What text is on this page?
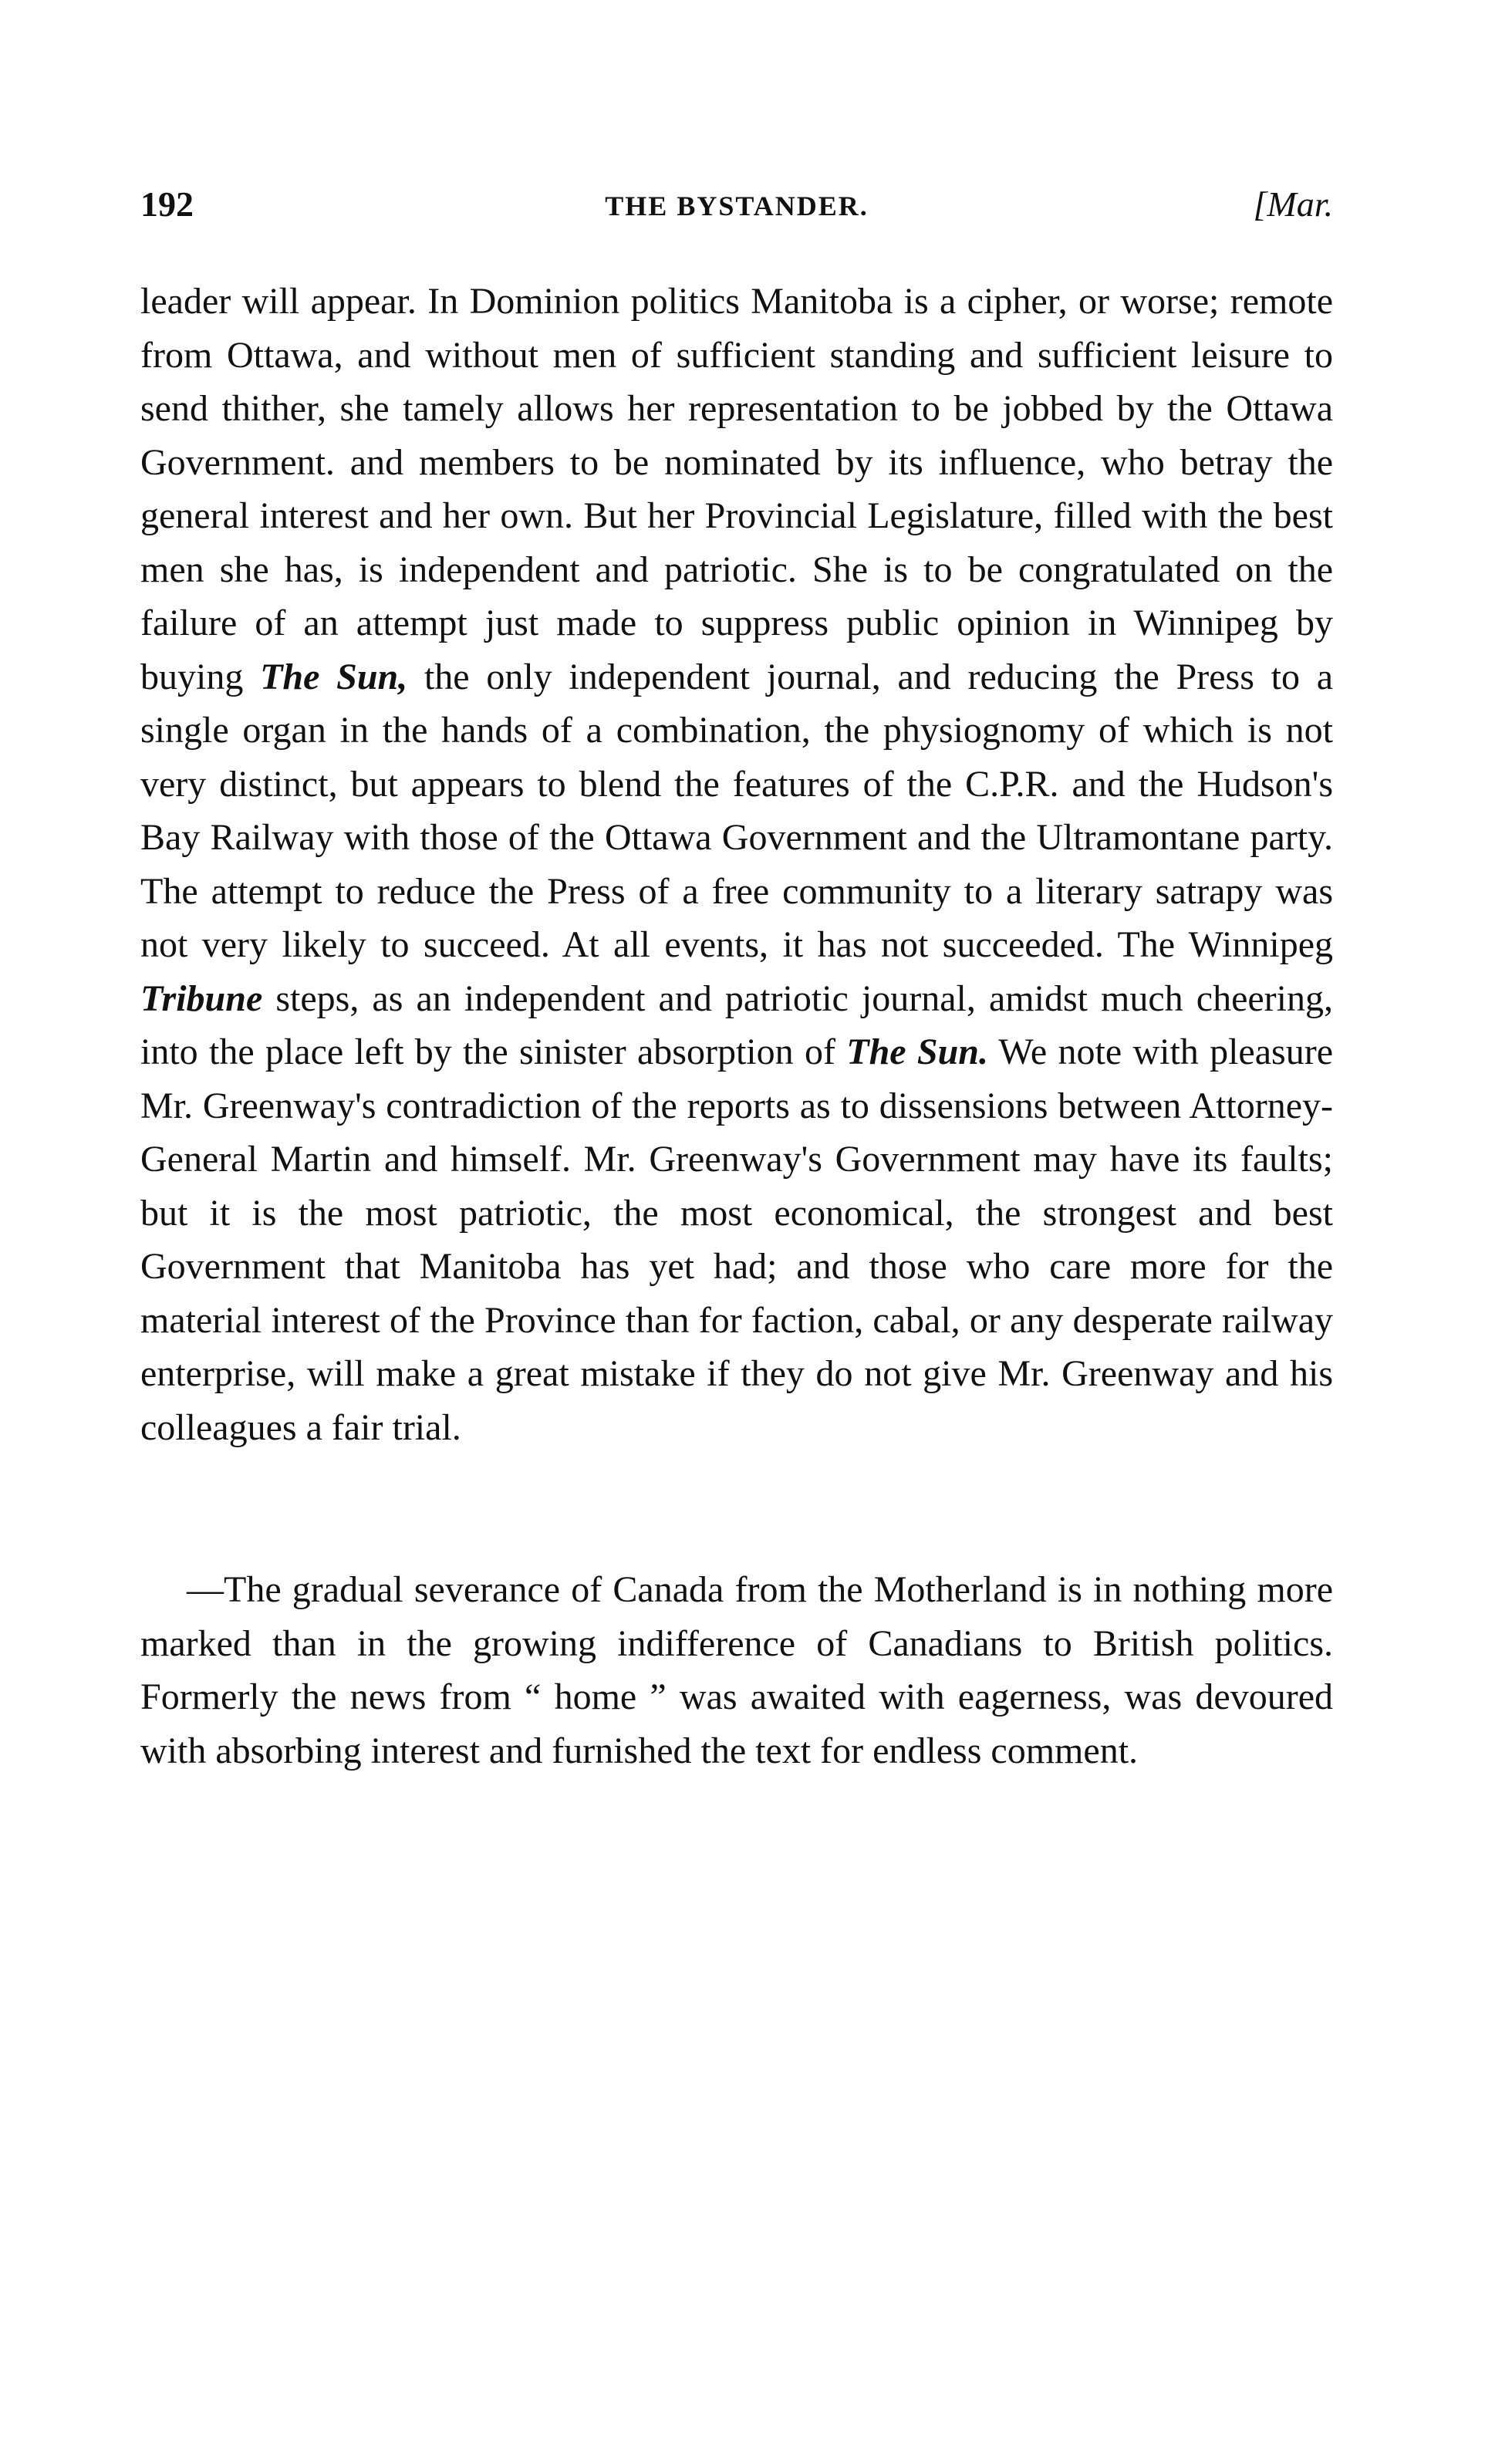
192	THE BYSTANDER.	[Mar.

leader will appear. In Dominion politics Manitoba is a cipher, or worse; remote from Ottawa, and without men of sufficient standing and sufficient leisure to send thither, she tamely allows her representation to be jobbed by the Ottawa Government. and members to be nominated by its influence, who betray the general interest and her own. But her Provincial Legislature, filled with the best men she has, is independent and patriotic. She is to be congratulated on the failure of an attempt just made to suppress public opinion in Winnipeg by buying The Sun, the only independent journal, and reducing the Press to a single organ in the hands of a combination, the physiognomy of which is not very distinct, but appears to blend the features of the C.P.R. and the Hudson's Bay Railway with those of the Ottawa Government and the Ultramontane party. The attempt to reduce the Press of a free community to a literary satrapy was not very likely to succeed. At all events, it has not succeeded. The Winnipeg Tribune steps, as an independent and patriotic journal, amidst much cheering, into the place left by the sinister absorption of The Sun. We note with pleasure Mr. Greenway's contradiction of the reports as to dissensions between Attorney-General Martin and himself. Mr. Greenway's Government may have its faults; but it is the most patriotic, the most economical, the strongest and best Government that Manitoba has yet had; and those who care more for the material interest of the Province than for faction, cabal, or any desperate railway enterprise, will make a great mistake if they do not give Mr. Greenway and his colleagues a fair trial.

—The gradual severance of Canada from the Motherland is in nothing more marked than in the growing indifference of Canadians to British politics. Formerly the news from “ home ” was awaited with eagerness, was devoured with absorbing interest and furnished the text for endless comment.
